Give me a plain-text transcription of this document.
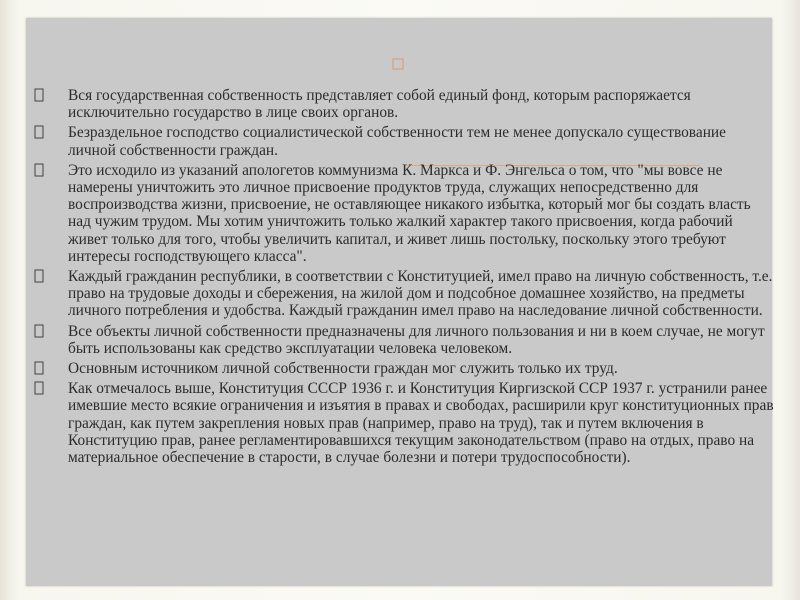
Вся государственная собственность представляет собой единый фонд, которым распоряжается исключительно государство в лице своих органов.
Безраздельное господство социалистической собственности тем не менее допускало существование личной собственности граждан.
Это исходило из указаний апологетов коммунизма К. Маркса и Ф. Энгельса о том, что "мы вовсе не намерены уничтожить это личное присвоение продуктов труда, служащих непосредственно для воспроизводства жизни, присвоение, не оставляющее никакого избытка, который мог бы создать власть над чужим трудом. Мы хотим уничтожить только жалкий характер такого присвоения, когда рабочий живет только для того, чтобы увеличить капитал, и живет лишь постольку, поскольку этого требуют интересы господствующего класса".
Каждый гражданин республики, в соответствии с Конституцией, имел право на личную собственность, т.е. право на трудовые доходы и сбережения, на жилой дом и подсобное домашнее хозяйство, на предметы личного потребления и удобства. Каждый гражданин имел право на наследование личной собственности.
Все объекты личной собственности предназначены для личного пользования и ни в коем случае, не могут быть использованы как средство эксплуатации человека человеком.
Основным источником личной собственности граждан мог служить только их труд.
Как отмечалось выше, Конституция СССР 1936 г. и Конституция Киргизской ССР 1937 г. устранили ранее имевшие место всякие ограничения и изъятия в правах и свободах, расширили круг конституционных прав граждан, как путем закрепления новых прав (например, право на труд), так и путем включения в Конституцию прав, ранее регламентировавшихся текущим законодательством (право на отдых, право на материальное обеспечение в старости, в случае болезни и потери трудоспособности).
